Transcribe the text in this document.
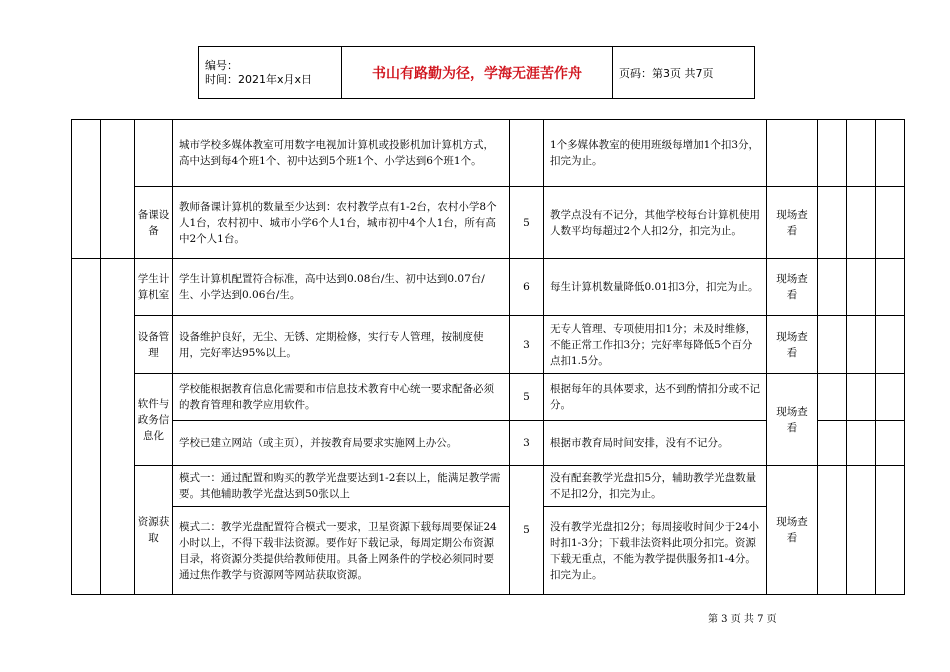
编号：
时间：2021年x月x日	书山有路勤为径，学海无涯苦作舟	页码：第3页 共7页
			城市学校多媒体教室可用数字电视加计算机或投影机加计算机方式，高中达到每4个班1个、初中达到5个班1个、小学达到6个班1个。		1个多媒体教室的使用班级每增加1个扣3分，扣完为止。				
		备课设备	教师备课计算机的数量至少达到：农村教学点有1-2台，农村小学8个人1台，农村初中、城市小学6个人1台，城市初中4个人1台，所有高中2个人1台。	5	教学点没有不记分，其他学校每台计算机使用人数平均每超过2个人扣2分，扣完为止。	现场查看			
		学生计算机室	学生计算机配置符合标准，高中达到0.08台/生、初中达到0.07台/生、小学达到0.06台/生。	6	每生计算机数量降低0.01扣3分，扣完为止。	现场查看			
		设备管理	设备维护良好，无尘、无锈、定期检修，实行专人管理，按制度使用，完好率达95%以上。	3	无专人管理、专项使用扣1分；未及时维修，不能正常工作扣3分；完好率每降低5个百分点扣1.5分。	现场查看			
		软件与政务信息化	学校能根据教育信息化需要和市信息技术教育中心统一要求配备必须的教育管理和教学应用软件。	5	根据每年的具体要求，达不到酌情扣分或不记分。	现场查看			
			学校已建立网站（或主页），并按教育局要求实施网上办公。	3	根据市教育局时间安排，没有不记分。				
		资源获取	模式一：通过配置和购买的教学光盘要达到1-2套以上，能满足教学需要。其他辅助教学光盘达到50张以上	5	没有配套教学光盘扣5分，辅助教学光盘数量不足扣2分，扣完为止。	现场查看			
			模式二：教学光盘配置符合模式一要求，卫星资源下载每周要保证24小时以上，不得下载非法资源。要作好下载记录，每周定期公布资源目录，将资源分类提供给教师使用。具备上网条件的学校必须同时要通过焦作教学与资源网等网站获取资源。		没有教学光盘扣2分；每周接收时间少于24小时扣1-3分；下载非法资料此项分扣完。资源下载无重点，不能为教学提供服务扣1-4分。扣完为止。				
第 3 页 共 7 页
